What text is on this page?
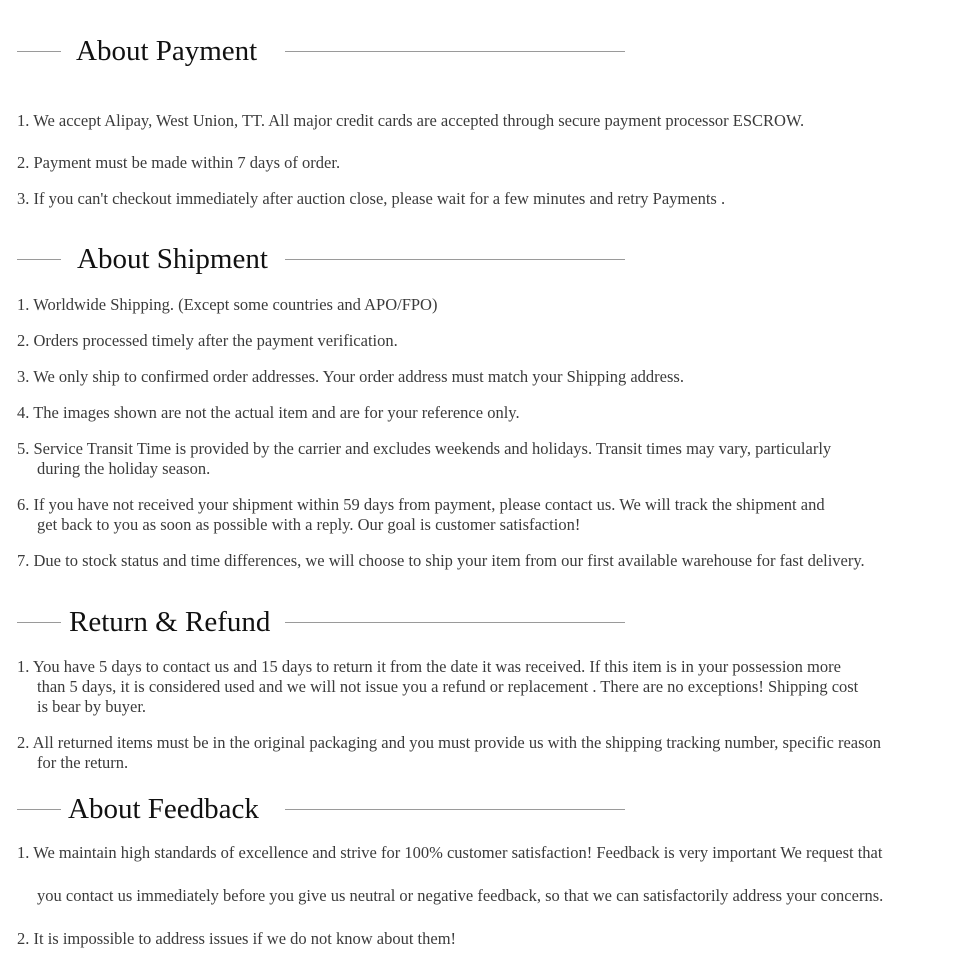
About Payment
1. We accept Alipay, West Union, TT. All major credit cards are accepted through secure payment processor ESCROW.
2. Payment must be made within 7 days of order.
3. If you can't checkout immediately after auction close, please wait for a few minutes and retry Payments .
About Shipment
1. Worldwide Shipping. (Except some countries and APO/FPO)
2. Orders processed timely after the payment verification.
3. We only ship to confirmed order addresses. Your order address must match your Shipping address.
4. The images shown are not the actual item and are for your reference only.
5. Service Transit Time is provided by the carrier and excludes weekends and holidays. Transit times may vary, particularly
during the holiday season.
6. If you have not received your shipment within 59 days from payment, please contact us. We will track the shipment and
get back to you as soon as possible with a reply. Our goal is customer satisfaction!
7. Due to stock status and time differences, we will choose to ship your item from our first available warehouse for fast delivery.
Return & Refund
1. You have 5 days to contact us and 15 days to return it from the date it was received. If this item is in your possession more
than 5 days, it is considered used and we will not issue you a refund or replacement . There are no exceptions! Shipping cost
is bear by buyer.
2. All returned items must be in the original packaging and you must provide us with the shipping tracking number, specific reason
for the return.
About Feedback
1. We maintain high standards of excellence and strive for 100% customer satisfaction! Feedback is very important We request that
you contact us immediately before you give us neutral or negative feedback, so that we can satisfactorily address your concerns.
2. It is impossible to address issues if we do not know about them!
